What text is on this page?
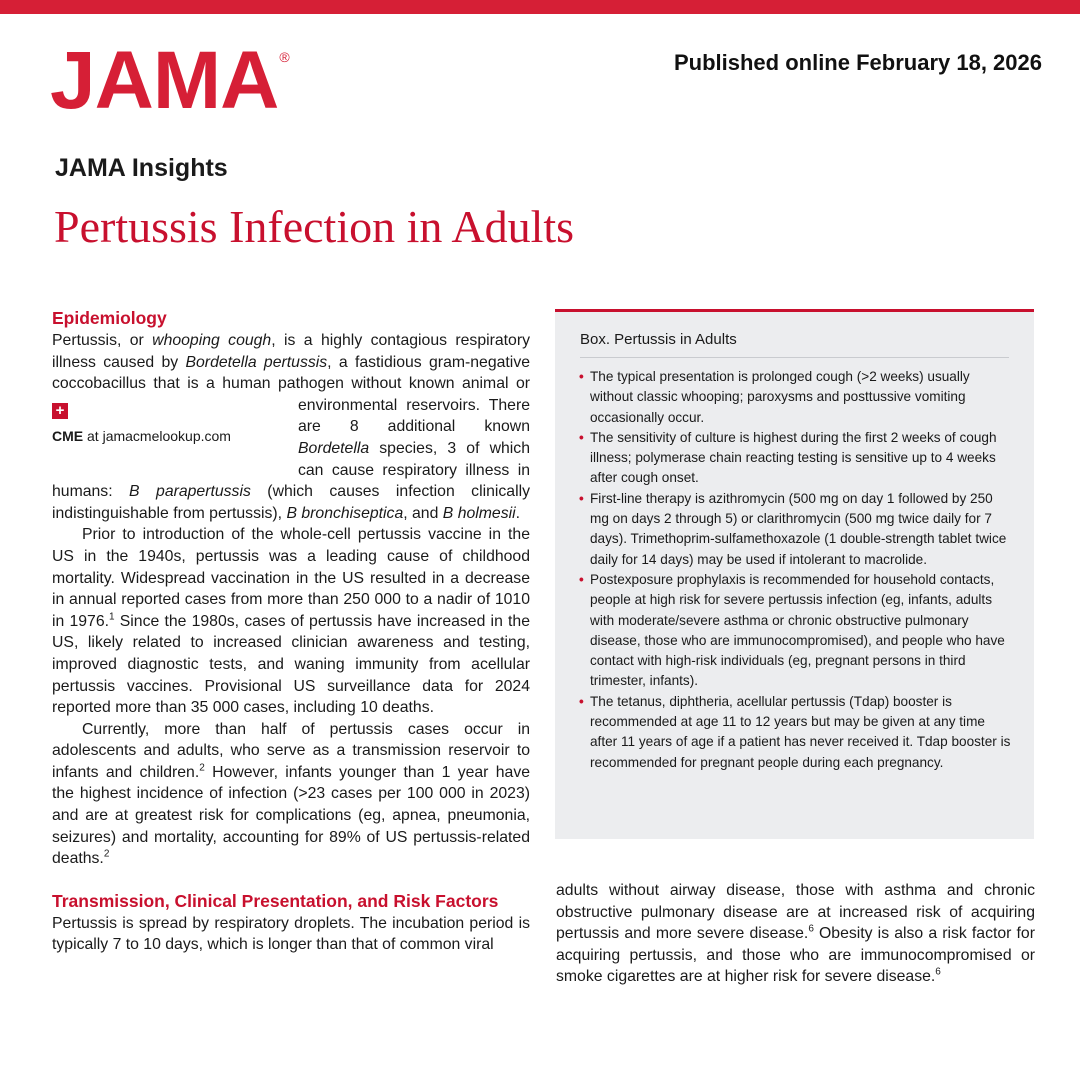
JAMA®	Published online February 18, 2026
JAMA Insights
Pertussis Infection in Adults
Epidemiology

Pertussis, or whooping cough, is a highly contagious respiratory illness caused by Bordetella pertussis, a fastidious gram-negative coccobacillus that is a human pathogen without known animal or
+
CME at jamacmelookup.com
environmental reservoirs. There are 8 additional known Bordetella species, 3 of which can cause respiratory illness in humans: B parapertussis (which causes infection clinically indistinguishable from pertussis), B bronchiseptica, and B holmesii.

Prior to introduction of the whole-cell pertussis vaccine in the US in the 1940s, pertussis was a leading cause of childhood mortality. Widespread vaccination in the US resulted in a decrease in annual reported cases from more than 250 000 to a nadir of 1010 in 1976.$^1$ Since the 1980s, cases of pertussis have increased in the US, likely related to increased clinician awareness and testing, improved diagnostic tests, and waning immunity from acellular pertussis vaccines. Provisional US surveillance data for 2024 reported more than 35 000 cases, including 10 deaths.

Currently, more than half of pertussis cases occur in adolescents and adults, who serve as a transmission reservoir to infants and children.$^2$ However, infants younger than 1 year have the highest incidence of infection (>23 cases per 100 000 in 2023) and are at greatest risk for complications (eg, apnea, pneumonia, seizures) and mortality, accounting for 89% of US pertussis-related deaths.$^2$

Transmission, Clinical Presentation, and Risk Factors

Pertussis is spread by respiratory droplets. The incubation period is typically 7 to 10 days, which is longer than that of common viral

Box. Pertussis in Adults
• The typical presentation is prolonged cough (>2 weeks) usually without classic whooping; paroxysms and posttussive vomiting occasionally occur.
• The sensitivity of culture is highest during the first 2 weeks of cough illness; polymerase chain reacting testing is sensitive up to 4 weeks after cough onset.
• First-line therapy is azithromycin (500 mg on day 1 followed by 250 mg on days 2 through 5) or clarithromycin (500 mg twice daily for 7 days). Trimethoprim-sulfamethoxazole (1 double-strength tablet twice daily for 14 days) may be used if intolerant to macrolide.
• Postexposure prophylaxis is recommended for household contacts, people at high risk for severe pertussis infection (eg, infants, adults with moderate/severe asthma or chronic obstructive pulmonary disease, those who are immunocompromised), and people who have contact with high-risk individuals (eg, pregnant persons in third trimester, infants).
• The tetanus, diphtheria, acellular pertussis (Tdap) booster is recommended at age 11 to 12 years but may be given at any time after 11 years of age if a patient has never received it. Tdap booster is recommended for pregnant people during each pregnancy.

adults without airway disease, those with asthma and chronic obstructive pulmonary disease are at increased risk of acquiring pertussis and more severe disease.$^6$ Obesity is also a risk factor for acquiring pertussis, and those who are immunocompromised or smoke cigarettes are at higher risk for severe disease.$^6$
